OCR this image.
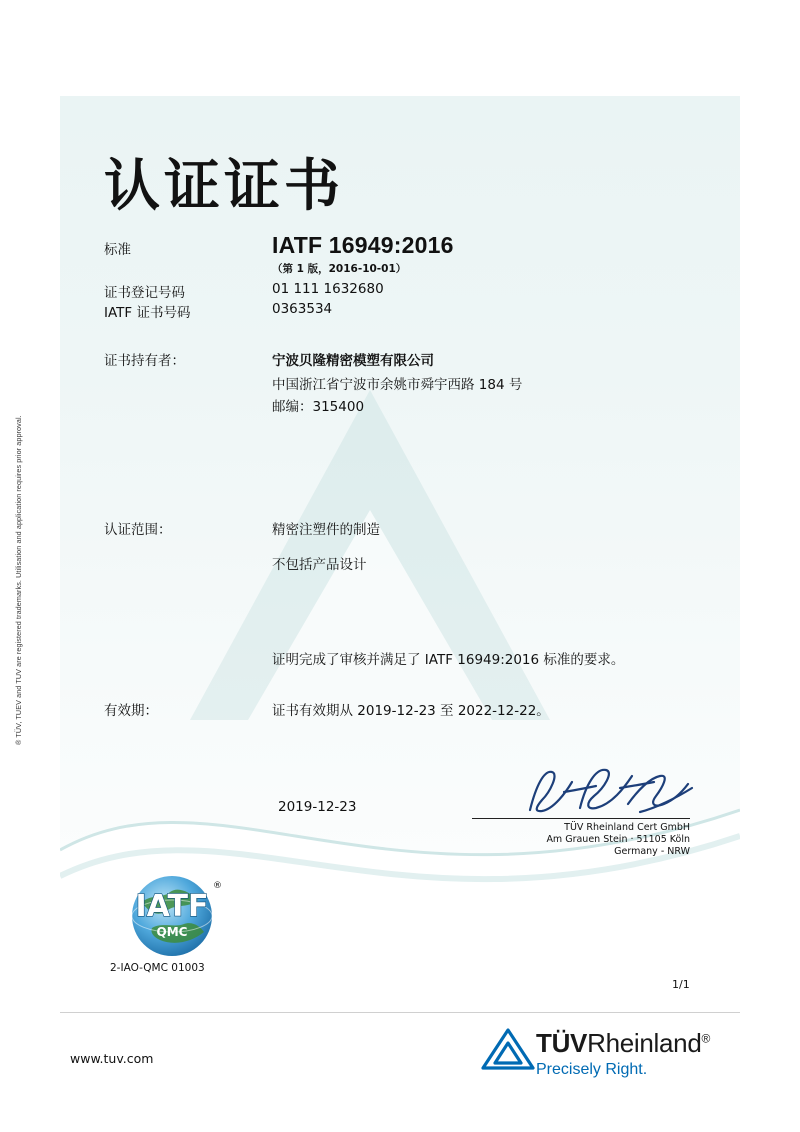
® TÜV, TUEV and TUV are registered trademarks. Utilisation and application requires prior approval.
认证证书
标准	IATF 16949:2016
（第 1 版，2016-10-01）
证书登记号码	01 111 1632680
IATF 证书号码	0363534
证书持有者：	宁波贝隆精密模塑有限公司
中国浙江省宁波市余姚市舜宇西路 184 号
邮编：315400
认证范围：	精密注塑件的制造
不包括产品设计
证明完成了审核并满足了 IATF 16949:2016 标准的要求。
有效期：	证书有效期从 2019-12-23 至 2022-12-22。
2019-12-23
TÜV Rheinland Cert GmbH
Am Grauen Stein · 51105 Köln
Germany - NRW
IATF
QMC
®
2-IAO-QMC 01003
1/1
www.tuv.com
TÜVRheinland®
Precisely Right.
